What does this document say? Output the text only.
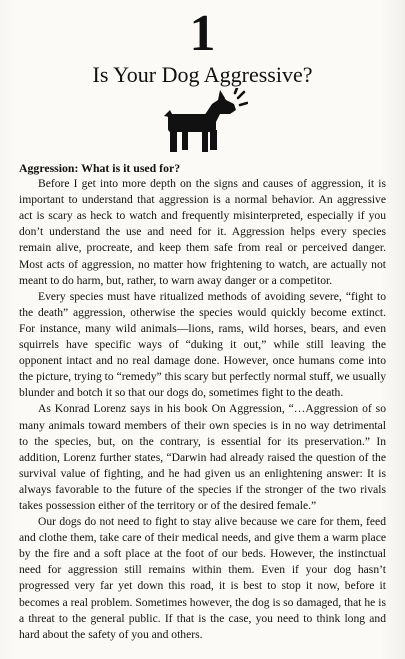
1
Is Your Dog Aggressive?

Aggression: What is it used for?

Before I get into more depth on the signs and causes of aggression, it is important to understand that aggression is a normal behavior. An aggressive act is scary as heck to watch and frequently misinterpreted, especially if you don’t understand the use and need for it. Aggression helps every species remain alive, procreate, and keep them safe from real or perceived danger. Most acts of aggression, no matter how frightening to watch, are actually not meant to do harm, but, rather, to warn away danger or a competitor.

Every species must have ritualized methods of avoiding severe, “fight to the death” aggression, otherwise the species would quickly become extinct. For instance, many wild animals—lions, rams, wild horses, bears, and even squirrels have specific ways of “duking it out,” while still leaving the opponent intact and no real damage done. However, once humans come into the picture, trying to “remedy” this scary but perfectly normal stuff, we usually blunder and botch it so that our dogs do, sometimes fight to the death.

As Konrad Lorenz says in his book On Aggression, “…Aggression of so many animals toward members of their own species is in no way detrimental to the species, but, on the contrary, is essential for its preservation.” In addition, Lorenz further states, “Darwin had already raised the question of the survival value of fighting, and he had given us an enlightening answer: It is always favorable to the future of the species if the stronger of the two rivals takes possession either of the territory or of the desired female.”

Our dogs do not need to fight to stay alive because we care for them, feed and clothe them, take care of their medical needs, and give them a warm place by the fire and a soft place at the foot of our beds. However, the instinctual need for aggression still remains within them. Even if your dog hasn’t progressed very far yet down this road, it is best to stop it now, before it becomes a real problem. Sometimes however, the dog is so damaged, that he is a threat to the general public. If that is the case, you need to think long and hard about the safety of you and others.
